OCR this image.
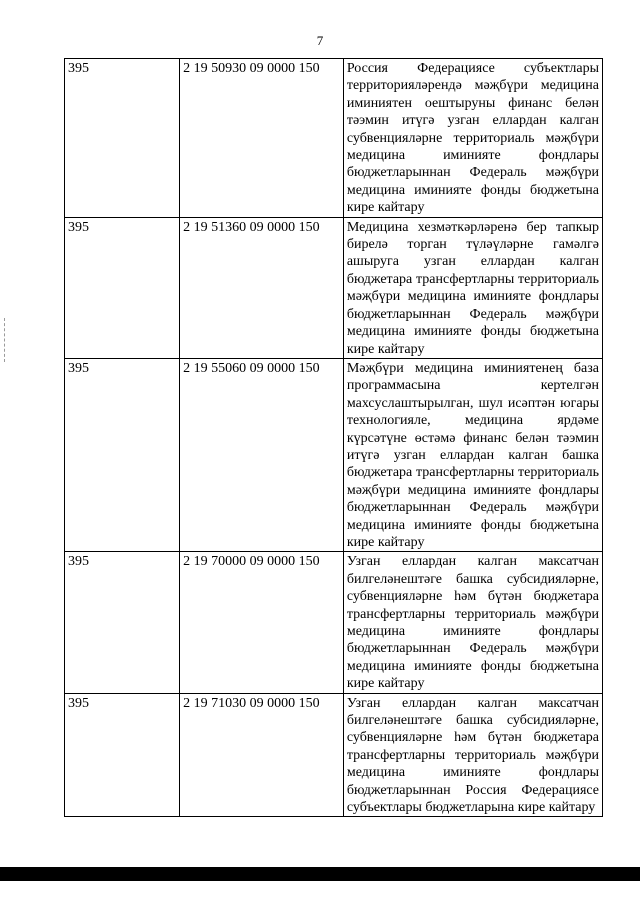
7
395	2 19 50930 09 0000 150	Россия Федерациясе субъектлары территорияләрендә мәҗбүри медицина иминиятен оештыруны финанс белән тәэмин итүгә узган еллардан калган субвенцияләрне территориаль мәҗбүри медицина иминияте фондлары бюджетларыннан Федераль мәҗбүри медицина иминияте фонды бюджетына кире кайтару
395	2 19 51360 09 0000 150	Медицина хезмәткәрләренә бер тапкыр бирелә торган түләүләрне гамәлгә ашыруга узган еллардан калган бюджетара трансфертларны территориаль мәҗбүри медицина иминияте фондлары бюджетларыннан Федераль мәҗбүри медицина иминияте фонды бюджетына кире кайтару
395	2 19 55060 09 0000 150	Мәҗбүри медицина иминиятенең база программасына кертелгән махсуслаштырылган, шул исәптән югары технологияле, медицина ярдәме күрсәтүне өстәмә финанс белән тәэмин итүгә узган еллардан калган башка бюджетара трансфертларны территориаль мәҗбүри медицина иминияте фондлары бюджетларыннан Федераль мәҗбүри медицина иминияте фонды бюджетына кире кайтару
395	2 19 70000 09 0000 150	Узган еллардан калган максатчан билгеләнештәге башка субсидияләрне, субвенцияләрне һәм бүтән бюджетара трансфертларны территориаль мәҗбүри медицина иминияте фондлары бюджетларыннан Федераль мәҗбүри медицина иминияте фонды бюджетына кире кайтару
395	2 19 71030 09 0000 150	Узган еллардан калган максатчан билгеләнештәге башка субсидияләрне, субвенцияләрне һәм бүтән бюджетара трансфертларны территориаль мәҗбүри медицина иминияте фондлары бюджетларыннан Россия Федерациясе субъектлары бюджетларына кире кайтару
